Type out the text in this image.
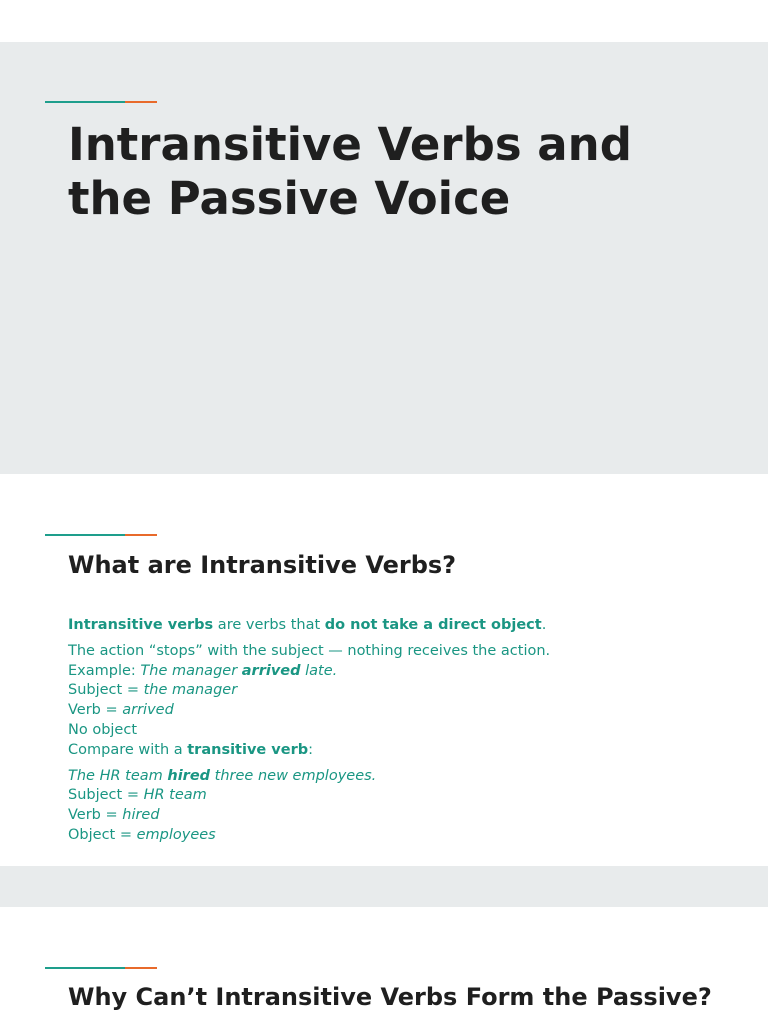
Intransitive Verbs and
the Passive Voice
What are Intransitive Verbs?
Intransitive verbs are verbs that do not take a direct object.
The action “stops” with the subject — nothing receives the action.
Example: The manager arrived late.
Subject = the manager
Verb = arrived
No object
Compare with a transitive verb:
The HR team hired three new employees.
Subject = HR team
Verb = hired
Object = employees
Why Can’t Intransitive Verbs Form the Passive?
